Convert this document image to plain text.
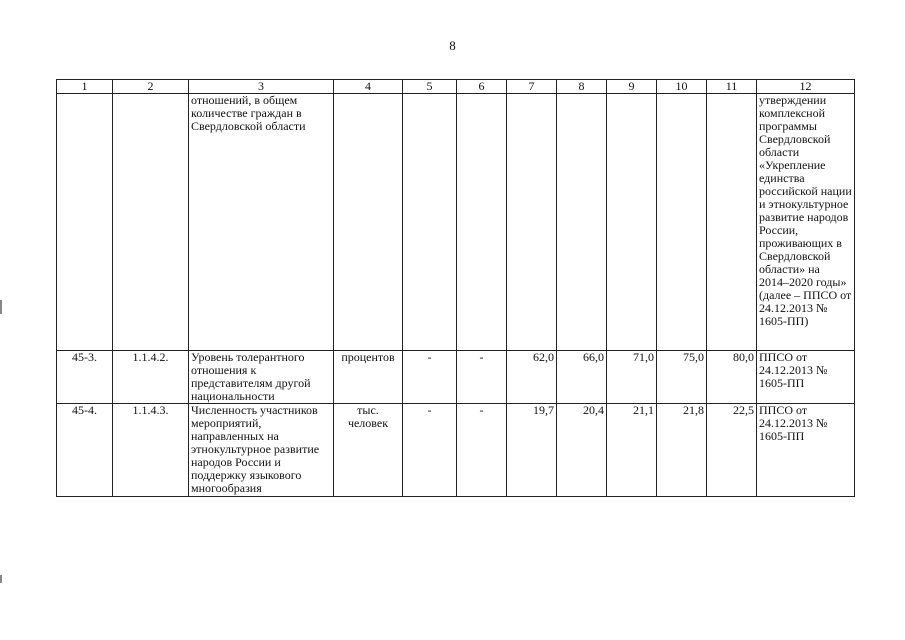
8
1	2	3	4	5	6	7	8	9	10	11	12
		отношений, в общем количестве граждан в Свердловской области									утверждении комплексной программы Свердловской области «Укрепление единства российской нации и этнокультурное развитие народов России, проживающих в Свердловской области» на 2014–2020 годы» (далее – ППСО от 24.12.2013 № 1605-ПП)
45-3.	1.1.4.2.	Уровень толерантного отношения к представителям другой национальности	процентов	-	-	62,0	66,0	71,0	75,0	80,0	ППСО от 24.12.2013 № 1605-ПП
45-4.	1.1.4.3.	Численность участников мероприятий, направленных на этнокультурное развитие народов России и поддержку языкового многообразия	тыс. человек	-	-	19,7	20,4	21,1	21,8	22,5	ППСО от 24.12.2013 № 1605-ПП
